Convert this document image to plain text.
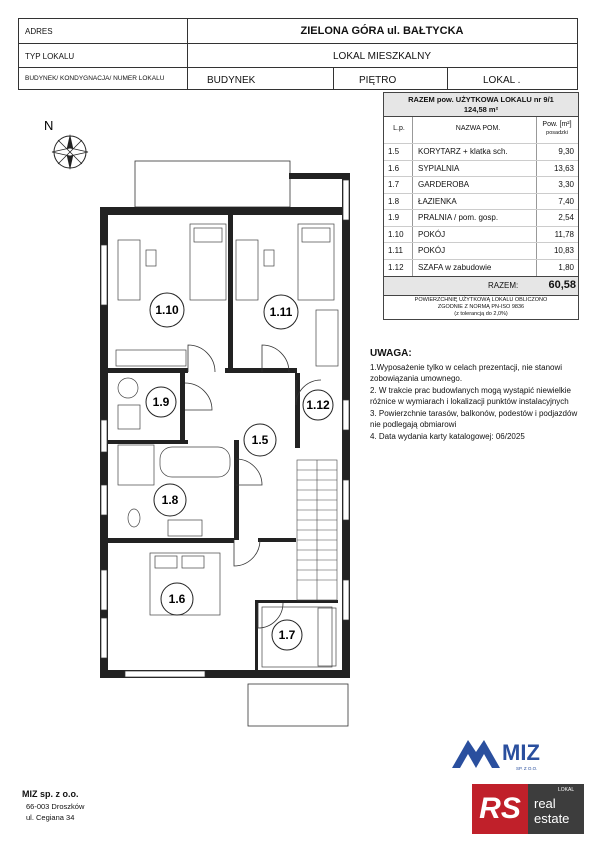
ADRES	ZIELONA GÓRA ul. BAŁTYCKA
TYP LOKALU	LOKAL MIESZKALNY
BUDYNEK/ KONDYGNACJA/ NUMER LOKALU	BUDYNEK	PIĘTRO	LOKAL .
RAZEM pow. UŻYTKOWA LOKALU nr 9/1
124,58 m²
L.p.	NAZWA POM.
Pow. [m²]
posadzki
1.5 KORYTARZ + klatka sch.	9,30
1.6 SYPIALNIA	13,63
1.7 GARDEROBA	3,30
1.8 ŁAZIENKA	7,40
1.9 PRALNIA / pom. gosp.	2,54
1.10 POKÓJ	11,78
1.11 POKÓJ	10,83
1.12 SZAFA w zabudowie	1,80
RAZEM:	60,58
POWIERZCHNIĘ UŻYTKOWĄ LOKALU OBLICZONO
ZGODNIE Z NORMĄ PN-ISO 9836
(z tolerancją do 2,0%)
UWAGA:
1.Wyposażenie tylko w celach prezentacji, nie stanowi zobowiązania umownego.
2. W trakcie prac budowlanych mogą wystąpić niewielkie różnice w wymiarach i lokalizacji punktów instalacyjnych
3. Powierzchnie tarasów, balkonów, podestów i podjazdów nie podlegają obmiarowi
4. Data wydania karty katalogowej: 06/2025
N
1.10	1.11
1.9	1.12
1.5
1.8
1.6
1.7
MIZ
SP. Z O.O.
MIZ sp. z o.o.
66-003 Droszków
ul. Cegiana 34	RS
LOKAL
real
estate
